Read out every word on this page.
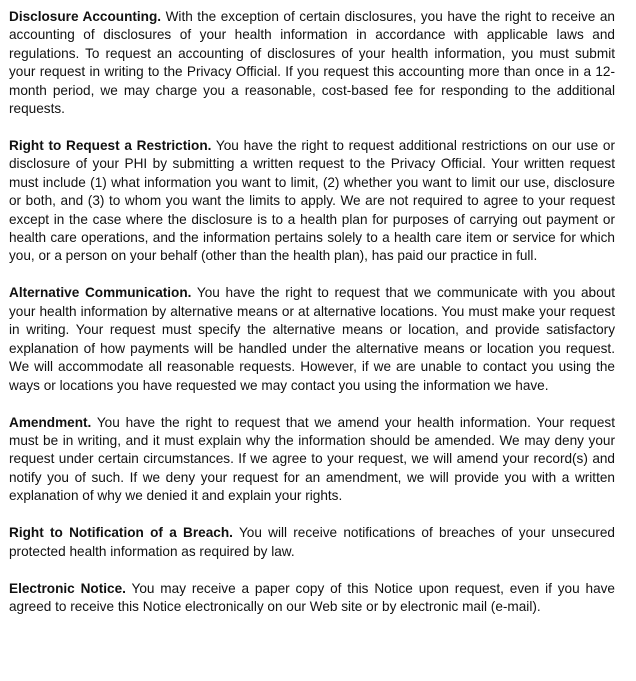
Disclosure Accounting. With the exception of certain disclosures, you have the right to receive an accounting of disclosures of your health information in accordance with applicable laws and regulations. To request an accounting of disclosures of your health information, you must submit your request in writing to the Privacy Official. If you request this accounting more than once in a 12-month period, we may charge you a reasonable, cost-based fee for responding to the additional requests.

Right to Request a Restriction. You have the right to request additional restrictions on our use or disclosure of your PHI by submitting a written request to the Privacy Official. Your written request must include (1) what information you want to limit, (2) whether you want to limit our use, disclosure or both, and (3) to whom you want the limits to apply. We are not required to agree to your request except in the case where the disclosure is to a health plan for purposes of carrying out payment or health care operations, and the information pertains solely to a health care item or service for which you, or a person on your behalf (other than the health plan), has paid our practice in full.

Alternative Communication. You have the right to request that we communicate with you about your health information by alternative means or at alternative locations. You must make your request in writing. Your request must specify the alternative means or location, and provide satisfactory explanation of how payments will be handled under the alternative means or location you request. We will accommodate all reasonable requests. However, if we are unable to contact you using the ways or locations you have requested we may contact you using the information we have.

Amendment. You have the right to request that we amend your health information. Your request must be in writing, and it must explain why the information should be amended. We may deny your request under certain circumstances. If we agree to your request, we will amend your record(s) and notify you of such. If we deny your request for an amendment, we will provide you with a written explanation of why we denied it and explain your rights.

Right to Notification of a Breach. You will receive notifications of breaches of your unsecured protected health information as required by law.

Electronic Notice. You may receive a paper copy of this Notice upon request, even if you have agreed to receive this Notice electronically on our Web site or by electronic mail (e-mail).
